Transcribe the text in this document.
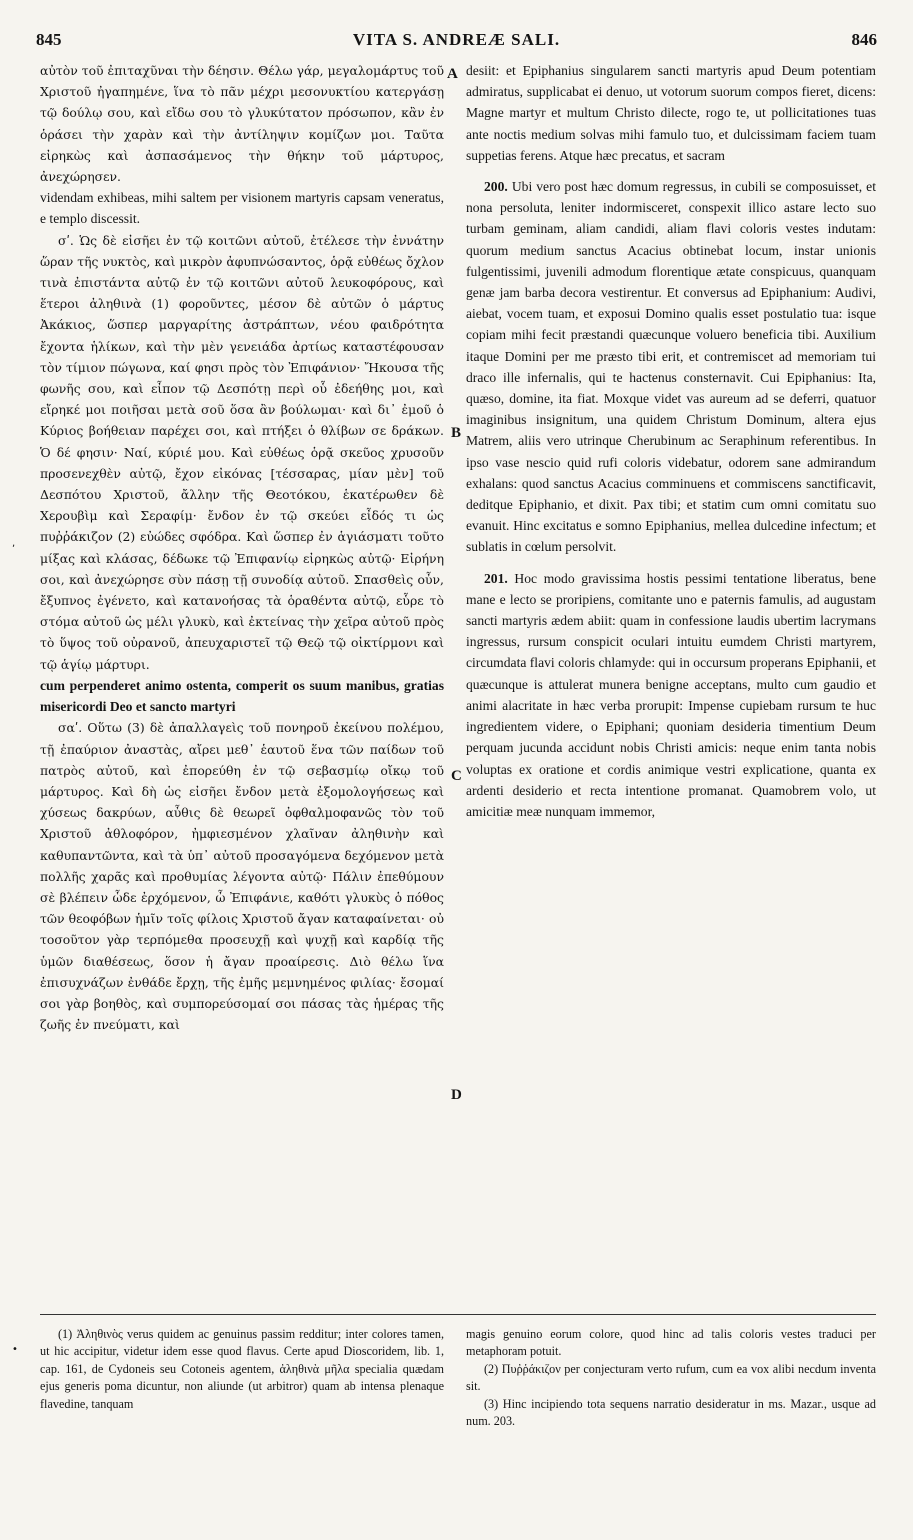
845	VITA S. ANDREÆ SALI.	846

αὐτὸν τοῦ ἐπιταχῦναι τὴν δέησιν. Θέλω γάρ, μεγαλομάρτυς τοῦ Χριστοῦ ἠγαπημένε, ἵνα τὸ πᾶν μέχρι μεσονυκτίου κατεργάσῃ τῷ δούλῳ σου, καὶ εἴδω σου τὸ γλυκύτατον πρόσωπον, κἂν ἐν ὁράσει τὴν χαρὰν καὶ τὴν ἀντίληψιν κομίζων μοι. Ταῦτα εἰρηκὼς καὶ ἀσπασάμενος τὴν θήκην τοῦ μάρτυρος, ἀνεχώρησεν.

videndam exhibeas, mihi saltem per visionem martyris capsam veneratus, e templo discessit.

σʹ. Ὡς δὲ εἰσῆει ἐν τῷ κοιτῶνι αὐτοῦ, ἐτέλεσε τὴν ἐννάτην ὥραν τῆς νυκτὸς, καὶ μικρὸν ἀφυπνώσαντος, ὁρᾷ εὐθέως ὄχλον τινὰ ἐπιστάντα αὐτῷ ἐν τῷ κοιτῶνι αὐτοῦ λευκοφόρους, καὶ ἕτεροι ἀληθινὰ (1) φοροῦντες, μέσον δὲ αὐτῶν ὁ μάρτυς Ἀκάκιος, ὥσπερ μαργαρίτης ἀστράπτων, νέου φαιδρότητα ἔχοντα ἡλίκων, καὶ τὴν μὲν γενειάδα ἀρτίως καταστέφουσαν τὸν τίμιον πώγωνα, καί φησι πρὸς τὸν Ἐπιφάνιον· Ἤκουσα τῆς φωνῆς σου, καὶ εἶπον τῷ Δεσπότῃ περὶ οὗ ἐδεήθης μοι, καὶ εἴρηκέ μοι ποιῆσαι μετὰ σοῦ ὅσα ἂν βούλωμαι· καὶ δι᾽ ἐμοῦ ὁ Κύριος βοήθειαν παρέχει σοι, καὶ πτήξει ὁ θλίβων σε δράκων. Ὁ δέ φησιν· Ναί, κύριέ μου. Καὶ εὐθέως ὁρᾷ σκεῦος χρυσοῦν προσενεχθὲν αὐτῷ, ἔχον εἰκόνας [τέσσαρας, μίαν μὲν] τοῦ Δεσπότου Χριστοῦ, ἄλλην τῆς Θεοτόκου, ἑκατέρωθεν δὲ Χερουβὶμ καὶ Σεραφίμ· ἔνδον ἐν τῷ σκεύει εἶδός τι ὡς πυῤῥάκιζον (2) εὐώδες σφόδρα. Καὶ ὥσπερ ἐν ἁγιάσματι τοῦτο μίξας καὶ κλάσας, δέδωκε τῷ Ἐπιφανίῳ εἰρηκὼς αὐτῷ· Εἰρήνη σοι, καὶ ἀνεχώρησε σὺν πάσῃ τῇ συνοδίᾳ αὐτοῦ. Σπασθεὶς οὖν, ἔξυπνος ἐγένετο, καὶ κατανοήσας τὰ ὁραθέντα αὐτῷ, εὗρε τὸ στόμα αὐτοῦ ὡς μέλι γλυκὺ, καὶ ἐκτείνας τὴν χεῖρα αὐτοῦ πρὸς τὸ ὕψος τοῦ οὐρανοῦ, ἀπευχαριστεῖ τῷ Θεῷ τῷ οἰκτίρμονι καὶ τῷ ἁγίῳ μάρτυρι.

cum perpenderet animo ostenta, comperit os suum manibus, gratias misericordi Deo et sancto martyri

σαʹ. Οὕτω (3) δὲ ἀπαλλαγεὶς τοῦ πονηροῦ ἐκείνου πολέμου, τῇ ἐπαύριον ἀναστὰς, αἴρει μεθ᾽ ἑαυτοῦ ἕνα τῶν παίδων τοῦ πατρὸς αὐτοῦ, καὶ ἐπορεύθη ἐν τῷ σεβασμίῳ οἴκῳ τοῦ μάρτυρος. Καὶ δὴ ὡς εἰσῆει ἔνδον μετὰ ἐξομολογήσεως καὶ χύσεως δακρύων, αὖθις δὲ θεωρεῖ ὀφθαλμοφανῶς τὸν τοῦ Χριστοῦ ἀθλοφόρον, ἠμφιεσμένον χλαῖναν ἀληθινὴν καὶ καθυπαντῶντα, καὶ τὰ ὑπ᾽ αὐτοῦ προσαγόμενα δεχόμενον μετὰ πολλῆς χαρᾶς καὶ προθυμίας λέγοντα αὐτῷ· Πάλιν ἐπεθύμουν σὲ βλέπειν ὧδε ἐρχόμενον, ὦ Ἐπιφάνιε, καθότι γλυκὺς ὁ πόθος τῶν θεοφόβων ἡμῖν τοῖς φίλοις Χριστοῦ ἄγαν καταφαίνεται· οὐ τοσοῦτον γὰρ τερπόμεθα προσευχῇ καὶ ψυχῇ καὶ καρδίᾳ τῆς ὑμῶν διαθέσεως, ὅσον ἡ ἄγαν προαίρεσις. Διὸ θέλω ἵνα ἐπισυχνάζων ἐνθάδε ἔρχῃ, τῆς ἐμῆς μεμνημένος φιλίας· ἔσομαί σοι γὰρ βοηθὸς, καὶ συμπορεύσομαί σοι πάσας τὰς ἡμέρας τῆς ζωῆς ἐν πνεύματι, καὶ

desiit: et Epiphanius singularem sancti martyris apud Deum potentiam admiratus, supplicabat ei denuo, ut votorum suorum compos fieret, dicens: Magne martyr et multum Christo dilecte, rogo te, ut pollicitationes tuas ante noctis medium solvas mihi famulo tuo, et dulcissimam faciem tuam suppetias ferens. Atque hæc precatus, et sacram

200. Ubi vero post hæc domum regressus, in cubili se composuisset, et nona persoluta, leniter indormisceret, conspexit illico astare lecto suo turbam geminam, aliam candidi, aliam flavi coloris vestes indutam: quorum medium sanctus Acacius obtinebat locum, instar unionis fulgentissimi, juvenili admodum florentique ætate conspicuus, quanquam genæ jam barba decora vestirentur. Et conversus ad Epiphanium: Audivi, aiebat, vocem tuam, et exposui Domino qualis esset postulatio tua: isque copiam mihi fecit præstandi quæcunque voluero beneficia tibi. Auxilium itaque Domini per me præsto tibi erit, et contremiscet ad memoriam tui draco ille infernalis, qui te hactenus consternavit. Cui Epiphanius: Ita, quæso, domine, ita fiat. Moxque videt vas aureum ad se deferri, quatuor imaginibus insignitum, una quidem Christum Dominum, altera ejus Matrem, aliis vero utrinque Cherubinum ac Seraphinum referentibus. In ipso vase nescio quid rufi coloris videbatur, odorem sane admirandum exhalans: quod sanctus Acacius comminuens et commiscens sanctificavit, deditque Epiphanio, et dixit. Pax tibi; et statim cum omni comitatu suo evanuit. Hinc excitatus e somno Epiphanius, mellea dulcedine infectum; et sublatis in cœlum persolvit.

201. Hoc modo gravissima hostis pessimi tentatione liberatus, bene mane e lecto se proripiens, comitante uno e paternis famulis, ad augustam sancti martyris ædem abiit: quam in confessione laudis ubertim lacrymans ingressus, rursum conspicit oculari intuitu eumdem Christi martyrem, circumdata flavi coloris chlamyde: qui in occursum properans Epiphanii, et quæcunque is attulerat munera benigne acceptans, multo cum gaudio et animi alacritate in hæc verba prorupit: Impense cupiebam rursum te huc ingredientem videre, o Epiphani; quoniam desideria timentium Deum perquam jucunda accidunt nobis Christi amicis: neque enim tanta nobis voluptas ex oratione et cordis animique vestri explicatione, quanta ex ardenti desiderio et recta intentione promanat. Quamobrem volo, ut amicitiæ meæ nunquam immemor,

A
B
C
D
,
•

(1) Ἀληθινὸς verus quidem ac genuinus passim redditur; inter colores tamen, ut hic accipitur, videtur idem esse quod flavus. Certe apud Dioscoridem, lib. 1, cap. 161, de Cydoneis seu Cotoneis agentem, ἀληθινὰ μῆλα specialia quædam ejus generis poma dicuntur, non aliunde (ut arbitror) quam ab intensa plenaque flavedine, tanquam

magis genuino eorum colore, quod hinc ad talis coloris vestes traduci per metaphoram potuit.

(2) Πυῤῥάκιζον per conjecturam verto rufum, cum ea vox alibi necdum inventa sit.

(3) Hinc incipiendo tota sequens narratio desideratur in ms. Mazar., usque ad num. 203.
